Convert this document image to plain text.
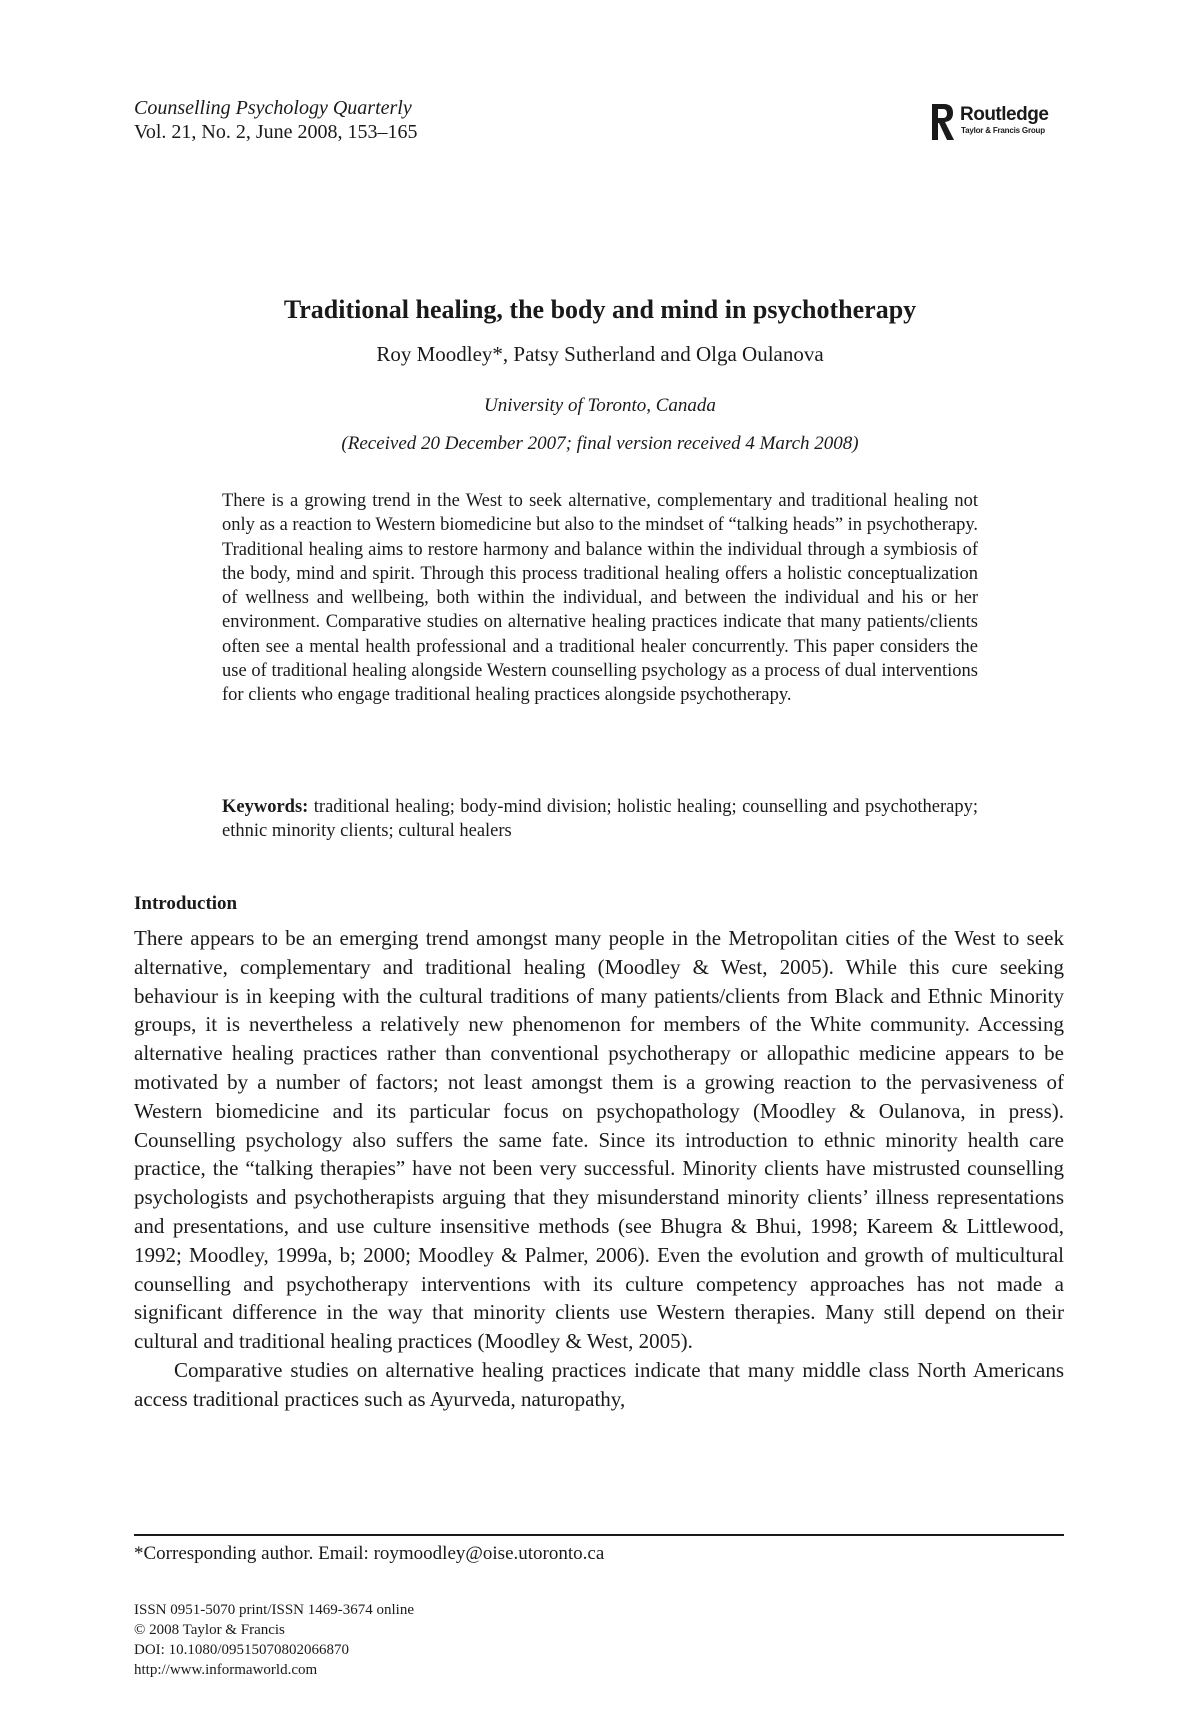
Counselling Psychology Quarterly
Vol. 21, No. 2, June 2008, 153–165
Routledge
Taylor & Francis Group
Traditional healing, the body and mind in psychotherapy
Roy Moodley*, Patsy Sutherland and Olga Oulanova
University of Toronto, Canada
(Received 20 December 2007; final version received 4 March 2008)

There is a growing trend in the West to seek alternative, complementary and traditional healing not only as a reaction to Western biomedicine but also to the mindset of “talking heads” in psychotherapy. Traditional healing aims to restore harmony and balance within the individual through a symbiosis of the body, mind and spirit. Through this process traditional healing offers a holistic conceptualization of wellness and wellbeing, both within the individual, and between the individual and his or her environment. Comparative studies on alternative healing practices indicate that many patients/clients often see a mental health professional and a traditional healer concurrently. This paper considers the use of traditional healing alongside Western counselling psychology as a process of dual interventions for clients who engage traditional healing practices alongside psychotherapy.

Keywords: traditional healing; body-mind division; holistic healing; counselling and psychotherapy; ethnic minority clients; cultural healers

Introduction

There appears to be an emerging trend amongst many people in the Metropolitan cities of the West to seek alternative, complementary and traditional healing (Moodley & West, 2005). While this cure seeking behaviour is in keeping with the cultural traditions of many patients/clients from Black and Ethnic Minority groups, it is nevertheless a relatively new phenomenon for members of the White community. Accessing alternative healing practices rather than conventional psychotherapy or allopathic medicine appears to be motivated by a number of factors; not least amongst them is a growing reaction to the pervasiveness of Western biomedicine and its particular focus on psychopathology (Moodley & Oulanova, in press). Counselling psychology also suffers the same fate. Since its introduction to ethnic minority health care practice, the “talking therapies” have not been very successful. Minority clients have mistrusted counselling psychologists and psychotherapists arguing that they misunderstand minority clients’ illness representations and presentations, and use culture insensitive methods (see Bhugra & Bhui, 1998; Kareem & Littlewood, 1992; Moodley, 1999a, b; 2000; Moodley & Palmer, 2006). Even the evolution and growth of multicultural counselling and psychotherapy interventions with its culture competency approaches has not made a significant difference in the way that minority clients use Western therapies. Many still depend on their cultural and traditional healing practices (Moodley & West, 2005).

Comparative studies on alternative healing practices indicate that many middle class North Americans access traditional practices such as Ayurveda, naturopathy,

*Corresponding author. Email: roymoodley@oise.utoronto.ca
ISSN 0951-5070 print/ISSN 1469-3674 online
© 2008 Taylor & Francis
DOI: 10.1080/09515070802066870
http://www.informaworld.com
